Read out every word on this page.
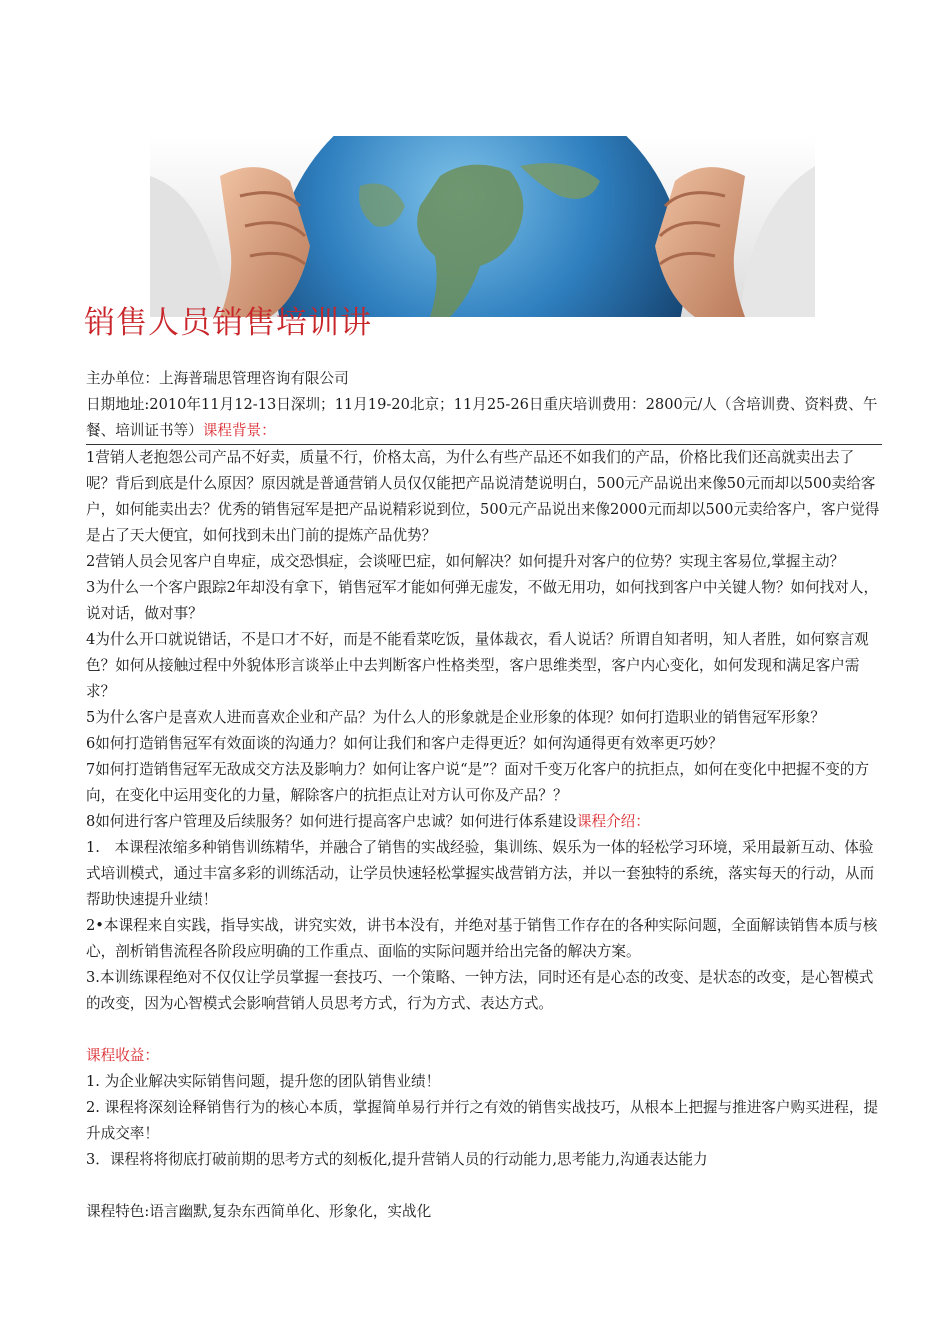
销售人员销售培训讲

主办单位：上海普瑞思管理咨询有限公司

日期地址:2010年11月12-13日深圳；11月19-20北京；11月25-26日重庆培训费用：2800元/人（含培训费、资料费、午餐、培训证书等）课程背景：

1营销人老抱怨公司产品不好卖，质量不行，价格太高，为什么有些产品还不如我们的产品，价格比我们还高就卖出去了呢？背后到底是什么原因？原因就是普通营销人员仅仅能把产品说清楚说明白，500元产品说出来像50元而却以500卖给客户，如何能卖出去？优秀的销售冠军是把产品说精彩说到位，500元产品说出来像2000元而却以500元卖给客户，客户觉得是占了天大便宜，如何找到未出门前的提炼产品优势？

2营销人员会见客户自卑症，成交恐惧症，会谈哑巴症，如何解决？如何提升对客户的位势？实现主客易位,掌握主动？

3为什么一个客户跟踪2年却没有拿下，销售冠军才能如何弹无虚发，不做无用功，如何找到客户中关键人物？如何找对人，说对话，做对事？

4为什么开口就说错话，不是口才不好，而是不能看菜吃饭，量体裁衣，看人说话？所谓自知者明，知人者胜，如何察言观色？如何从接触过程中外貌体形言谈举止中去判断客户性格类型，客户思维类型，客户内心变化，如何发现和满足客户需求？

5为什么客户是喜欢人进而喜欢企业和产品？为什么人的形象就是企业形象的体现？如何打造职业的销售冠军形象？

6如何打造销售冠军有效面谈的沟通力？如何让我们和客户走得更近？如何沟通得更有效率更巧妙？

7如何打造销售冠军无敌成交方法及影响力？如何让客户说“是”？面对千变万化客户的抗拒点，如何在变化中把握不变的方向，在变化中运用变化的力量，解除客户的抗拒点让对方认可你及产品？？

8如何进行客户管理及后续服务？如何进行提高客户忠诚？如何进行体系建设课程介绍：

1.　本课程浓缩多种销售训练精华，并融合了销售的实战经验，集训练、娱乐为一体的轻松学习环境，采用最新互动、体验式培训模式，通过丰富多彩的训练活动，让学员快速轻松掌握实战营销方法，并以一套独特的系统，落实每天的行动，从而帮助快速提升业绩！

2•本课程来自实践，指导实战，讲究实效，讲书本没有，并绝对基于销售工作存在的各种实际问题，全面解读销售本质与核心，剖析销售流程各阶段应明确的工作重点、面临的实际问题并给出完备的解决方案。

3.本训练课程绝对不仅仅让学员掌握一套技巧、一个策略、一钟方法，同时还有是心态的改变、是状态的改变，是心智模式的改变，因为心智模式会影响营销人员思考方式，行为方式、表达方式。

课程收益：

1. 为企业解决实际销售问题，提升您的团队销售业绩！

2. 课程将深刻诠释销售行为的核心本质，掌握简单易行并行之有效的销售实战技巧，从根本上把握与推进客户购买进程，提升成交率！

3．课程将将彻底打破前期的思考方式的刻板化,提升营销人员的行动能力,思考能力,沟通表达能力

课程特色:语言幽默,复杂东西简单化、形象化，实战化
